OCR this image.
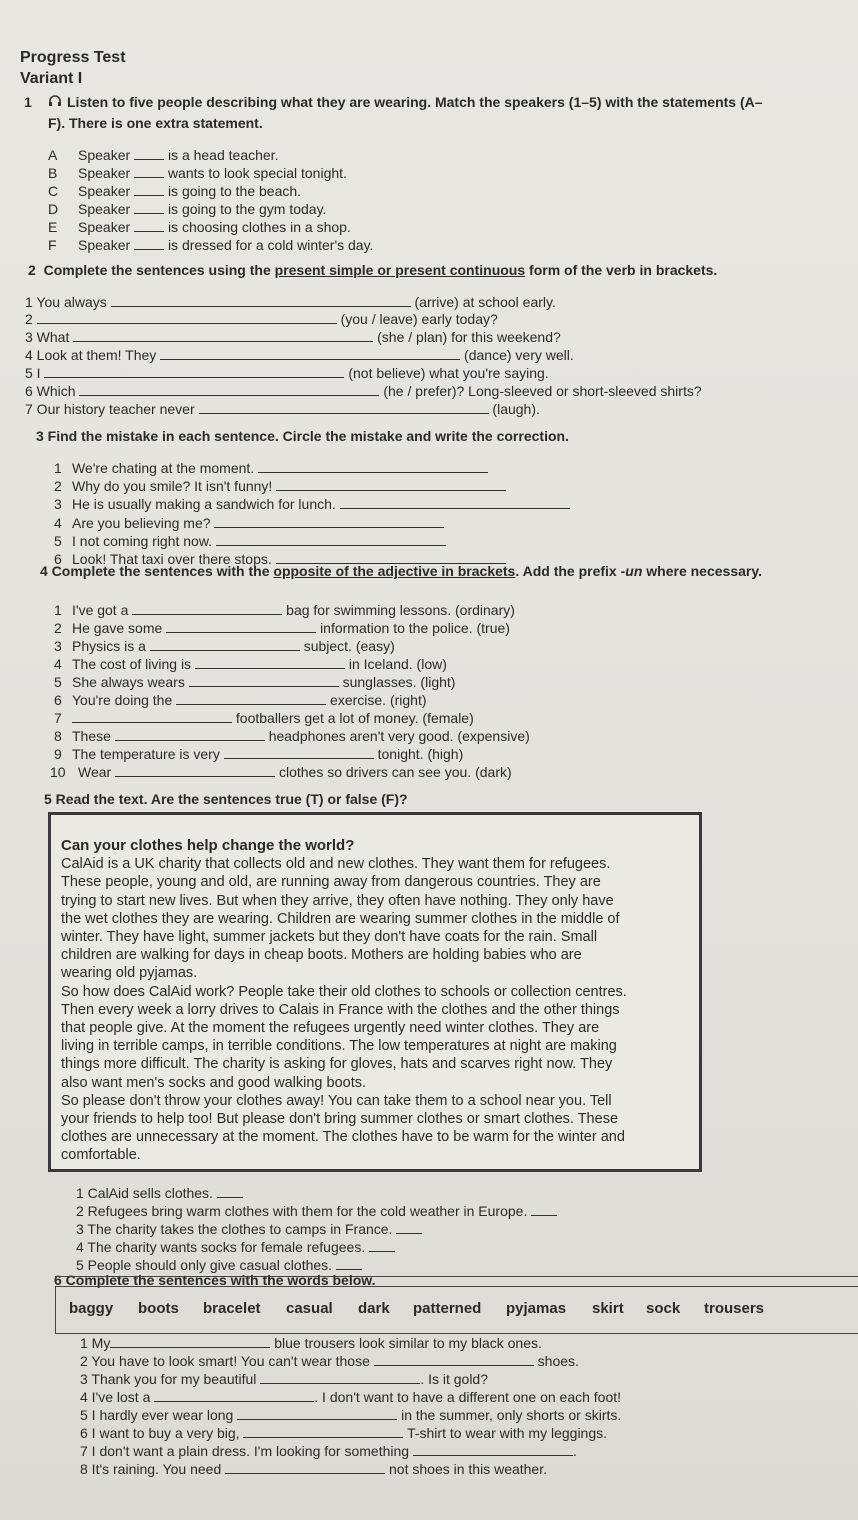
Progress Test
Variant I
1	Listen to five people describing what they are wearing. Match the speakers (1–5) with the statements (A–
F). There is one extra statement.
A Speaker	is a head teacher.
B Speaker	wants to look special tonight.
C Speaker	is going to the beach.
D Speaker	is going to the gym today.
E Speaker	is choosing clothes in a shop.
F Speaker	is dressed for a cold winter's day.
2 Complete the sentences using the present simple or present continuous form of the verb in brackets.
1 You always	(arrive) at school early.
2	(you / leave) early today?
3 What	(she / plan) for this weekend?
4 Look at them! They	(dance) very well.
5 I	(not believe) what you're saying.
6 Which	(he / prefer)? Long-sleeved or short-sleeved shirts?
7 Our history teacher never	(laugh).
3 Find the mistake in each sentence. Circle the mistake and write the correction.
1 We're chating at the moment.
2 Why do you smile? It isn't funny!
3 He is usually making a sandwich for lunch.
4 Are you believing me?
5 I not coming right now.
6 Look! That taxi over there stops.
4 Complete the sentences with the opposite of the adjective in brackets. Add the prefix -un where necessary.
1 I've got a	bag for swimming lessons. (ordinary)
2 He gave some	information to the police. (true)
3 Physics is a	subject. (easy)
4 The cost of living is	in Iceland. (low)
5 She always wears	sunglasses. (light)
6 You're doing the	exercise. (right)
7	footballers get a lot of money. (female)
8 These	headphones aren't very good. (expensive)
9 The temperature is very	tonight. (high)
10 Wear	clothes so drivers can see you. (dark)
5 Read the text. Are the sentences true (T) or false (F)?

Can your clothes help change the world?

CalAid is a UK charity that collects old and new clothes. They want them for refugees.

These people, young and old, are running away from dangerous countries. They are

trying to start new lives. But when they arrive, they often have nothing. They only have

the wet clothes they are wearing. Children are wearing summer clothes in the middle of

winter. They have light, summer jackets but they don't have coats for the rain. Small

children are walking for days in cheap boots. Mothers are holding babies who are

wearing old pyjamas.

So how does CalAid work? People take their old clothes to schools or collection centres.

Then every week a lorry drives to Calais in France with the clothes and the other things

that people give. At the moment the refugees urgently need winter clothes. They are

living in terrible camps, in terrible conditions. The low temperatures at night are making

things more difficult. The charity is asking for gloves, hats and scarves right now. They

also want men's socks and good walking boots.

So please don't throw your clothes away! You can take them to a school near you. Tell

your friends to help too! But please don't bring summer clothes or smart clothes. These

clothes are unnecessary at the moment. The clothes have to be warm for the winter and

comfortable.

1 CalAid sells clothes.
2 Refugees bring warm clothes with them for the cold weather in Europe.
3 The charity takes the clothes to camps in France.
4 The charity wants socks for female refugees.
5 People should only give casual clothes.
6 Complete the sentences with the words below.
baggy boots bracelet casual dark patterned pyjamas skirt sock trousers
1 My	blue trousers look similar to my black ones.
2 You have to look smart! You can't wear those	shoes.
3 Thank you for my beautiful	. Is it gold?
4 I've lost a	. I don't want to have a different one on each foot!
5 I hardly ever wear long	in the summer, only shorts or skirts.
6 I want to buy a very big,	T-shirt to wear with my leggings.
7 I don't want a plain dress. I'm looking for something	.
8 It's raining. You need	not shoes in this weather.
